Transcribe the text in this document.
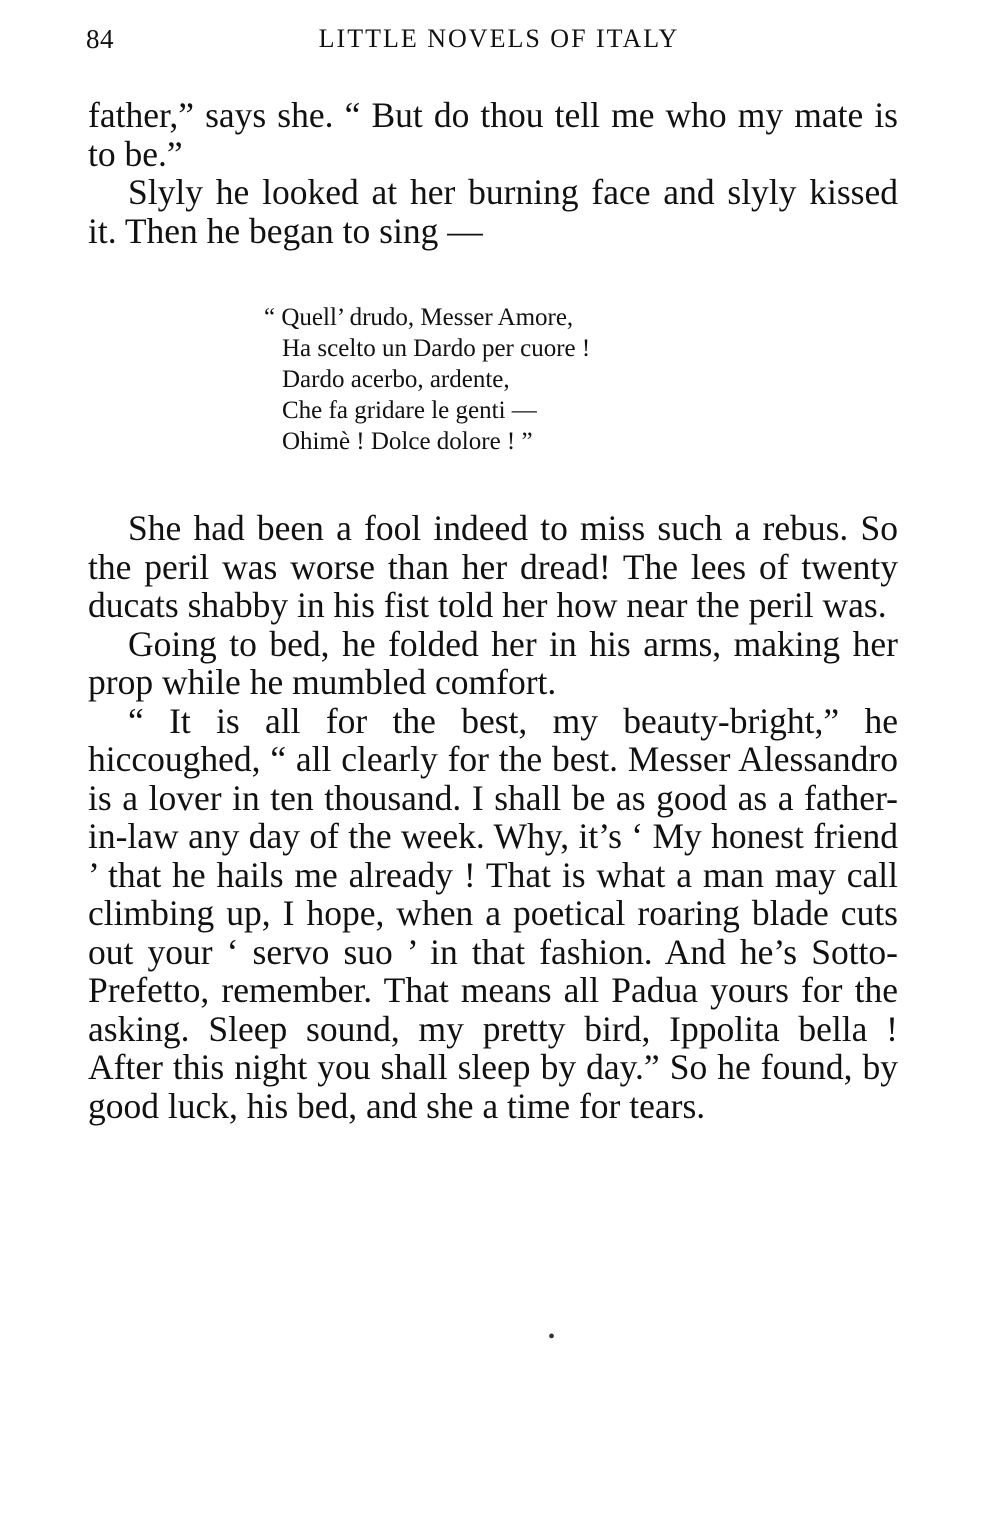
84	LITTLE NOVELS OF ITALY

father,” says she. “ But do thou tell me who my mate is to be.”

Slyly he looked at her burning face and slyly kissed it. Then he began to sing —

“ Quell’ drudo, Messer Amore,
Ha scelto un Dardo per cuore !
Dardo acerbo, ardente,
Che fa gridare le genti —
Ohimè ! Dolce dolore ! ”

She had been a fool indeed to miss such a rebus. So the peril was worse than her dread! The lees of twenty ducats shabby in his fist told her how near the peril was.

Going to bed, he folded her in his arms, making her prop while he mumbled comfort.

“ It is all for the best, my beauty-bright,” he hiccoughed, “ all clearly for the best. Messer Alessandro is a lover in ten thousand. I shall be as good as a father-in-law any day of the week. Why, it’s ‘ My honest friend ’ that he hails me already ! That is what a man may call climbing up, I hope, when a poetical roaring blade cuts out your ‘ servo suo ’ in that fashion. And he’s Sotto-Prefetto, remember. That means all Padua yours for the asking. Sleep sound, my pretty bird, Ippolita bella ! After this night you shall sleep by day.” So he found, by good luck, his bed, and she a time for tears.

•
